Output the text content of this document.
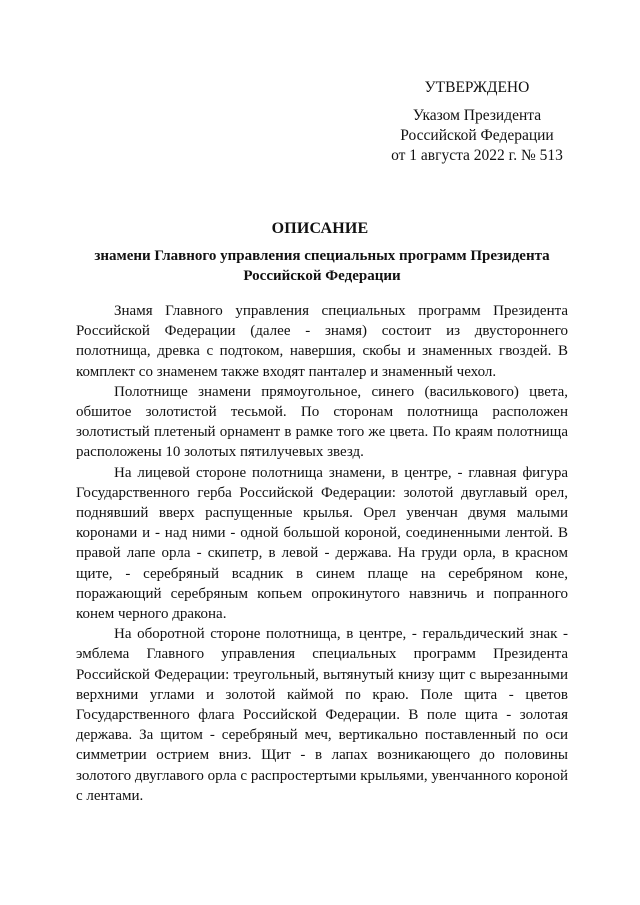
УТВЕРЖДЕНО
Указом Президента
Российской Федерации
от 1 августа 2022 г. № 513
ОПИСАНИЕ
знамени Главного управления специальных программ Президента Российской Федерации

Знамя Главного управления специальных программ Президента Российской Федерации (далее - знамя) состоит из двустороннего полотнища, древка с подтоком, навершия, скобы и знаменных гвоздей. В комплект со знаменем также входят панталер и знаменный чехол.

Полотнище знамени прямоугольное, синего (василькового) цвета, обшитое золотистой тесьмой. По сторонам полотнища расположен золотистый плетеный орнамент в рамке того же цвета. По краям полотнища расположены 10 золотых пятилучевых звезд.

На лицевой стороне полотнища знамени, в центре, - главная фигура Государственного герба Российской Федерации: золотой двуглавый орел, поднявший вверх распущенные крылья. Орел увенчан двумя малыми коронами и - над ними - одной большой короной, соединенными лентой. В правой лапе орла - скипетр, в левой - держава. На груди орла, в красном щите, - серебряный всадник в синем плаще на серебряном коне, поражающий серебряным копьем опрокинутого навзничь и попранного конем черного дракона.

На оборотной стороне полотнища, в центре, - геральдический знак - эмблема Главного управления специальных программ Президента Российской Федерации: треугольный, вытянутый книзу щит с вырезанными верхними углами и золотой каймой по краю. Поле щита - цветов Государственного флага Российской Федерации. В поле щита - золотая держава. За щитом - серебряный меч, вертикально поставленный по оси симметрии острием вниз. Щит - в лапах возникающего до половины золотого двуглавого орла с распростертыми крыльями, увенчанного короной с лентами.
